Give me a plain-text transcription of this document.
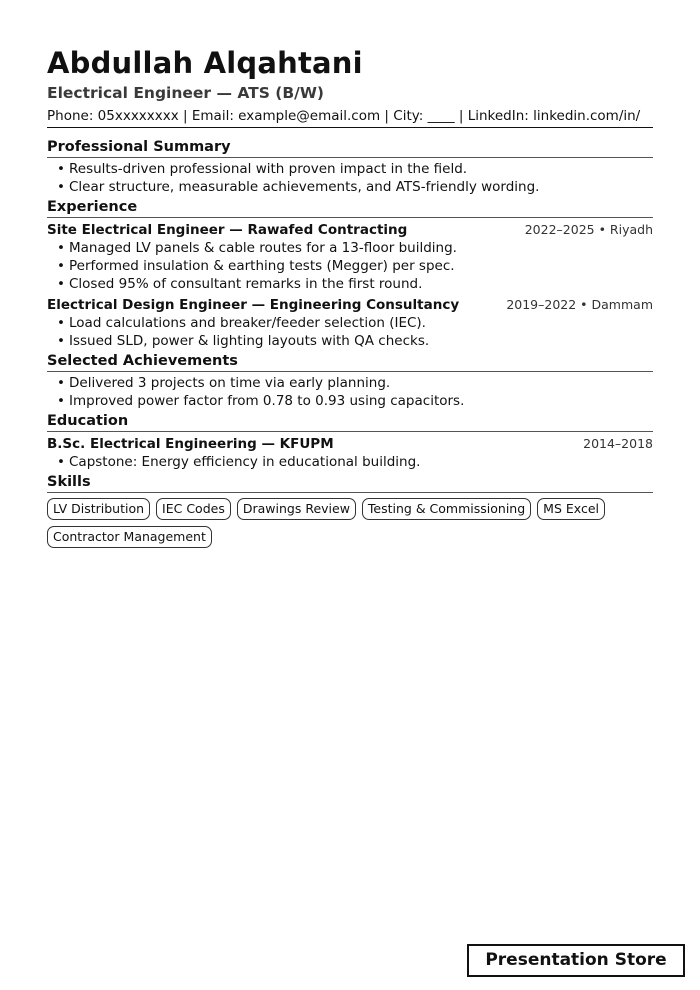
Abdullah Alqahtani
Electrical Engineer — ATS (B/W)
Phone: 05xxxxxxxx | Email: example@email.com | City: ____ | LinkedIn: linkedin.com/in/
Professional Summary
• Results-driven professional with proven impact in the field.
• Clear structure, measurable achievements, and ATS-friendly wording.
Experience
Site Electrical Engineer — Rawafed Contracting	2022–2025 • Riyadh
• Managed LV panels & cable routes for a 13-floor building.
• Performed insulation & earthing tests (Megger) per spec.
• Closed 95% of consultant remarks in the first round.
Electrical Design Engineer — Engineering Consultancy	2019–2022 • Dammam
• Load calculations and breaker/feeder selection (IEC).
• Issued SLD, power & lighting layouts with QA checks.
Selected Achievements
• Delivered 3 projects on time via early planning.
• Improved power factor from 0.78 to 0.93 using capacitors.
Education
B.Sc. Electrical Engineering — KFUPM	2014–2018
• Capstone: Energy efficiency in educational building.
Skills
LV Distribution	IEC Codes	Drawings Review	Testing & Commissioning	MS Excel
Contractor Management
Presentation Store
